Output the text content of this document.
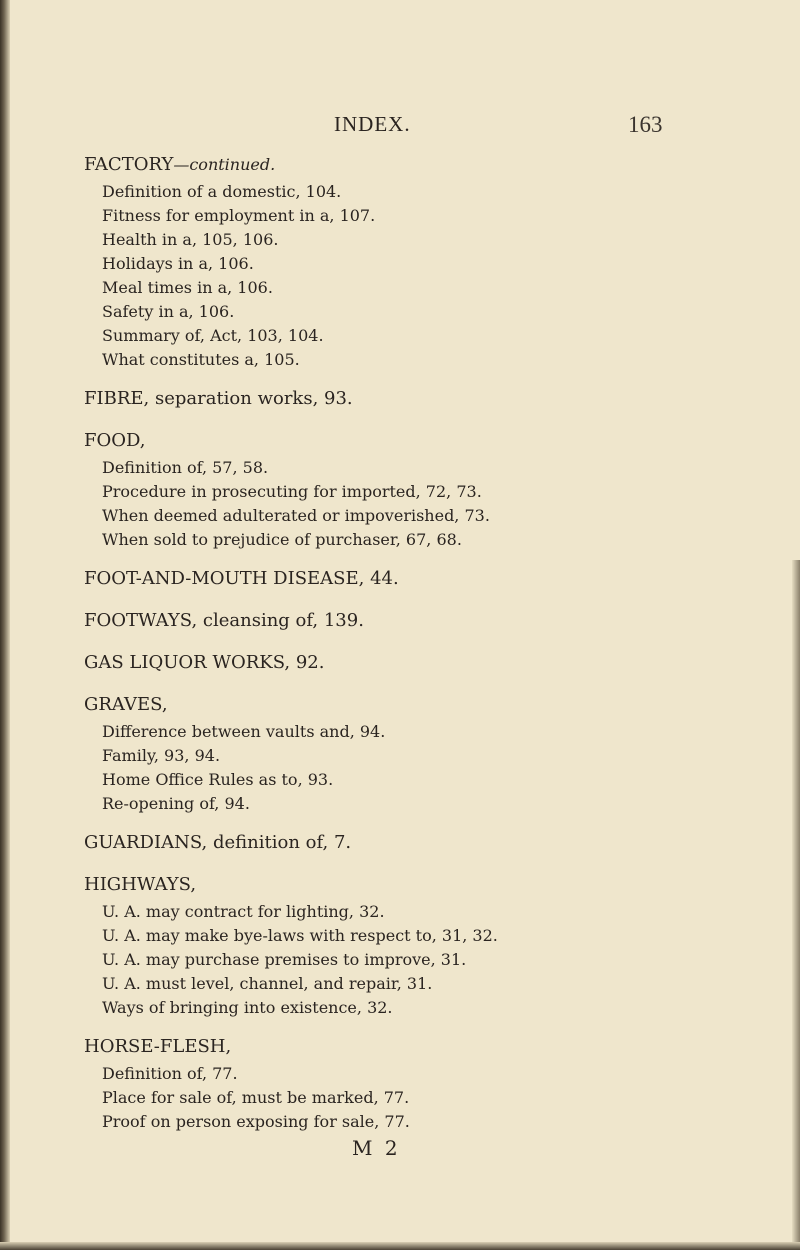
INDEX.	163
FACTORY—continued.
Definition of a domestic, 104.
Fitness for employment in a, 107.
Health in a, 105, 106.
Holidays in a, 106.
Meal times in a, 106.
Safety in a, 106.
Summary of, Act, 103, 104.
What constitutes a, 105.
FIBRE, separation works, 93.
FOOD,
Definition of, 57, 58.
Procedure in prosecuting for imported, 72, 73.
When deemed adulterated or impoverished, 73.
When sold to prejudice of purchaser, 67, 68.
FOOT-AND-MOUTH DISEASE, 44.
FOOTWAYS, cleansing of, 139.
GAS LIQUOR WORKS, 92.
GRAVES,
Difference between vaults and, 94.
Family, 93, 94.
Home Office Rules as to, 93.
Re-opening of, 94.
GUARDIANS, definition of, 7.
HIGHWAYS,
U. A. may contract for lighting, 32.
U. A. may make bye-laws with respect to, 31, 32.
U. A. may purchase premises to improve, 31.
U. A. must level, channel, and repair, 31.
Ways of bringing into existence, 32.
HORSE-FLESH,
Definition of, 77.
Place for sale of, must be marked, 77.
Proof on person exposing for sale, 77.
M 2
